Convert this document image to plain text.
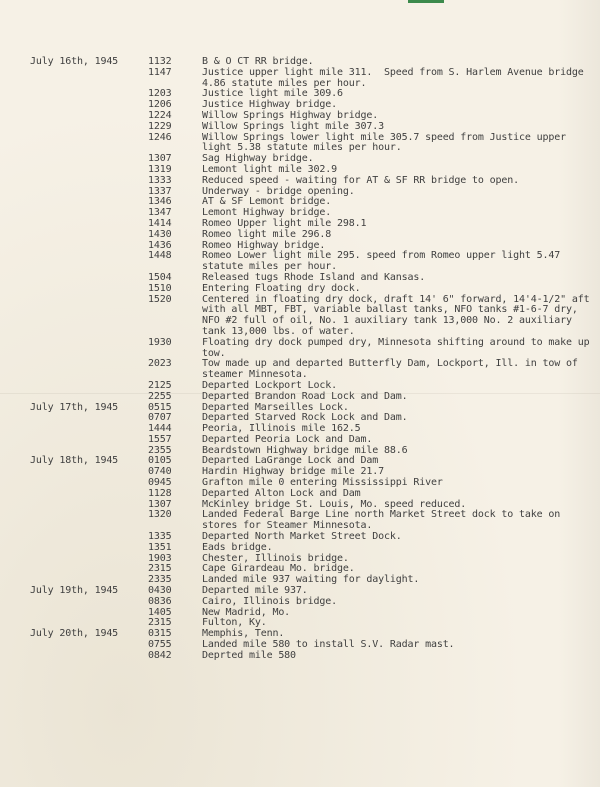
July 16th, 1945	1132	B & O CT RR bridge.
1147	Justice upper light mile 311.  Speed from S. Harlem Avenue bridge 4.86 statute miles per hour.
1203	Justice light mile 309.6
1206	Justice Highway bridge.
1224	Willow Springs Highway bridge.
1229	Willow Springs light mile 307.3
1246	Willow Springs lower light mile 305.7 speed from Justice upper light 5.38 statute miles per hour.
1307	Sag Highway bridge.
1319	Lemont light mile 302.9
1333	Reduced speed - waiting for AT & SF RR bridge to open.
1337	Underway - bridge opening.
1346	AT & SF Lemont bridge.
1347	Lemont Highway bridge.
1414	Romeo Upper light mile 298.1
1430	Romeo light mile 296.8
1436	Romeo Highway bridge.
1448	Romeo Lower light mile 295. speed from Romeo upper light 5.47 statute miles per hour.
1504	Released tugs Rhode Island and Kansas.
1510	Entering Floating dry dock.
1520	Centered in floating dry dock, draft 14' 6" forward, 14'4-1/2" aft with all MBT, FBT, variable ballast tanks, NFO tanks #1-6-7 dry, NFO #2 full of oil, No. 1 auxiliary tank 13,000 No. 2 auxiliary tank 13,000 lbs. of water.
1930	Floating dry dock pumped dry, Minnesota shifting around to make up tow.
2023	Tow made up and departed Butterfly Dam, Lockport, Ill. in tow of steamer Minnesota.
2125	Departed Lockport Lock.
2255	Departed Brandon Road Lock and Dam.
July 17th, 1945	0515	Departed Marseilles Lock.
0707	Departed Starved Rock Lock and Dam.
1444	Peoria, Illinois mile 162.5
1557	Departed Peoria Lock and Dam.
2355	Beardstown Highway bridge mile 88.6
July 18th, 1945	0105	Departed LaGrange Lock and Dam
0740	Hardin Highway bridge mile 21.7
0945	Grafton mile 0 entering Mississippi River
1128	Departed Alton Lock and Dam
1307	McKinley bridge St. Louis, Mo. speed reduced.
1320	Landed Federal Barge Line north Market Street dock to take on stores for Steamer Minnesota.
1335	Departed North Market Street Dock.
1351	Eads bridge.
1903	Chester, Illinois bridge.
2315	Cape Girardeau Mo. bridge.
2335	Landed mile 937 waiting for daylight.
July 19th, 1945	0430	Departed mile 937.
0836	Cairo, Illinois bridge.
1405	New Madrid, Mo.
2315	Fulton, Ky.
July 20th, 1945	0315	Memphis, Tenn.
0755	Landed mile 580 to install S.V. Radar mast.
0842	Deprted mile 580
